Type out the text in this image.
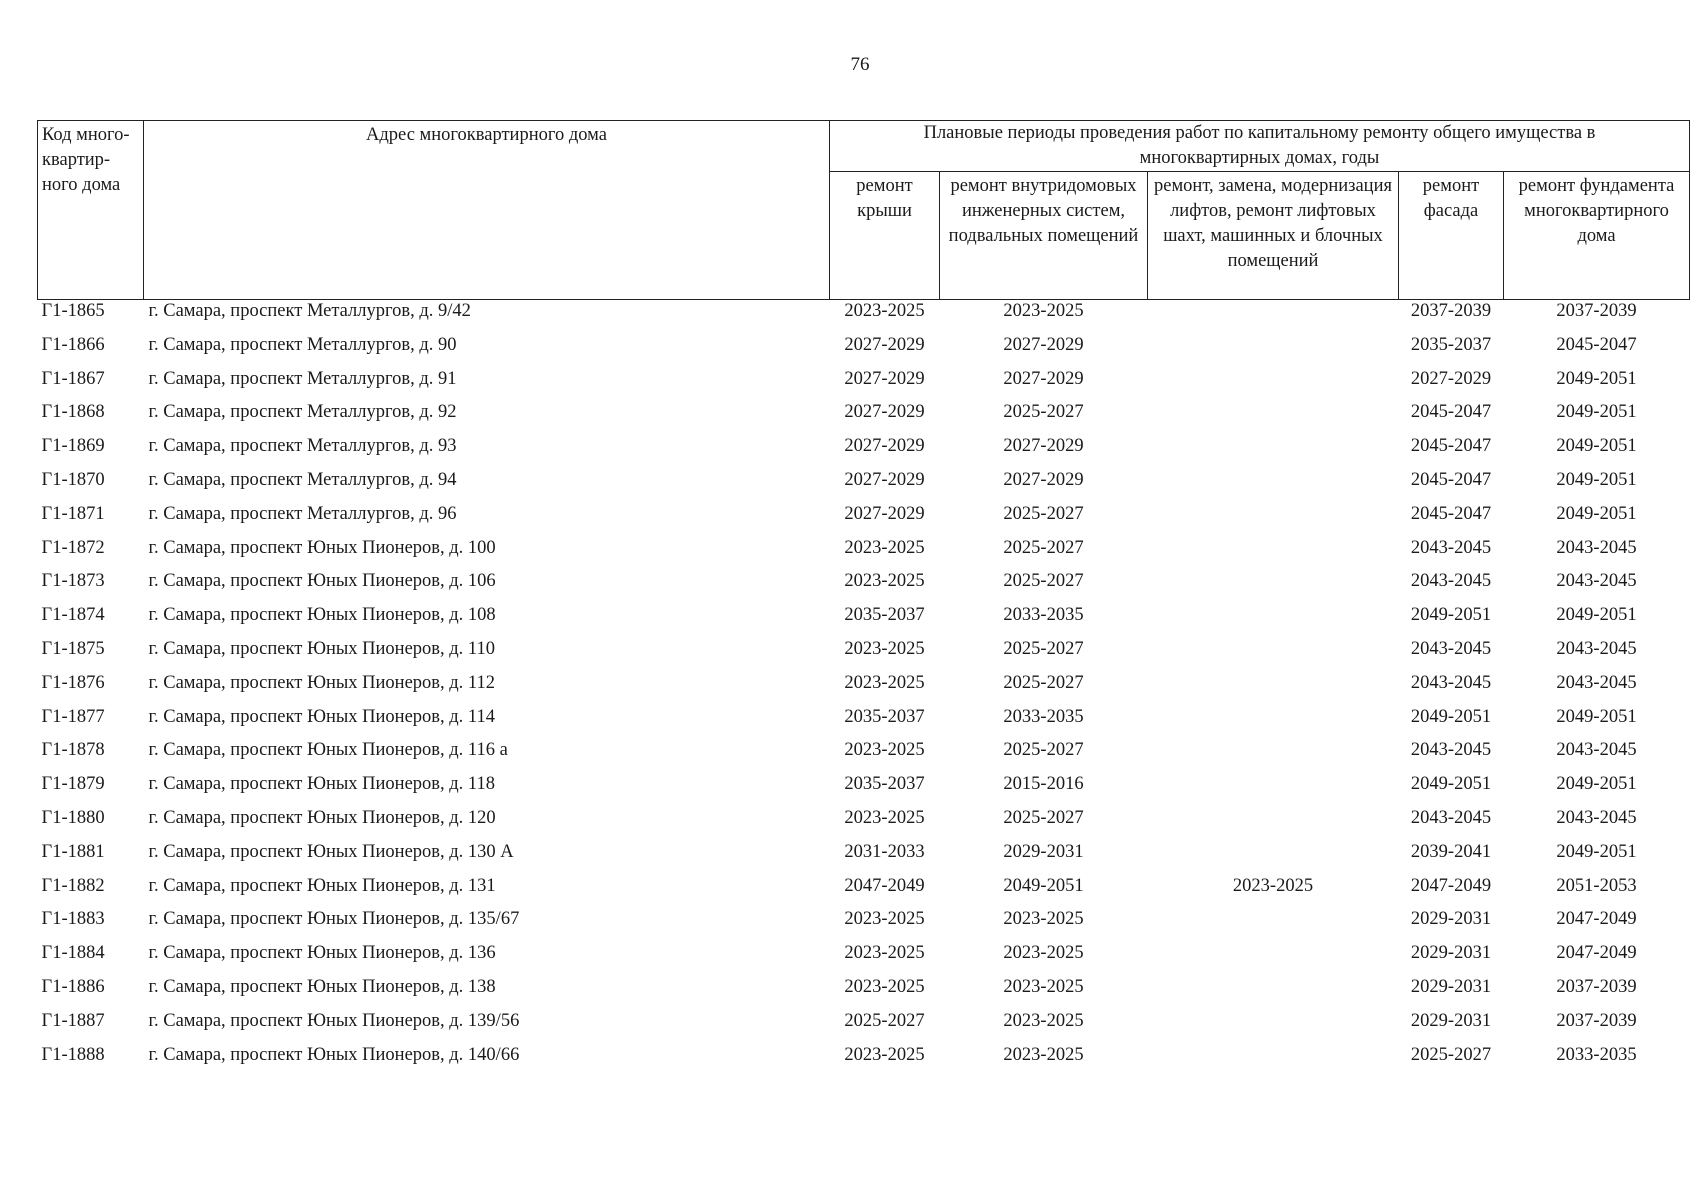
76
Код много-квартир-ного дома	Адрес многоквартирного дома	Плановые периоды проведения работ по капитальному ремонту общего имущества в многоквартирных домах, годы				
		ремонт крыши	ремонт внутридомовых инженерных систем, подвальных помещений	ремонт, замена, модернизация лифтов, ремонт лифтовых шахт, машинных и блочных помещений	ремонт фасада	ремонт фундамента многоквартирного дома
Г1-1865	г. Самара, проспект Металлургов, д. 9/42	2023-2025	2023-2025		2037-2039	2037-2039
Г1-1866	г. Самара, проспект Металлургов, д. 90	2027-2029	2027-2029		2035-2037	2045-2047
Г1-1867	г. Самара, проспект Металлургов, д. 91	2027-2029	2027-2029		2027-2029	2049-2051
Г1-1868	г. Самара, проспект Металлургов, д. 92	2027-2029	2025-2027		2045-2047	2049-2051
Г1-1869	г. Самара, проспект Металлургов, д. 93	2027-2029	2027-2029		2045-2047	2049-2051
Г1-1870	г. Самара, проспект Металлургов, д. 94	2027-2029	2027-2029		2045-2047	2049-2051
Г1-1871	г. Самара, проспект Металлургов, д. 96	2027-2029	2025-2027		2045-2047	2049-2051
Г1-1872	г. Самара, проспект Юных Пионеров, д. 100	2023-2025	2025-2027		2043-2045	2043-2045
Г1-1873	г. Самара, проспект Юных Пионеров, д. 106	2023-2025	2025-2027		2043-2045	2043-2045
Г1-1874	г. Самара, проспект Юных Пионеров, д. 108	2035-2037	2033-2035		2049-2051	2049-2051
Г1-1875	г. Самара, проспект Юных Пионеров, д. 110	2023-2025	2025-2027		2043-2045	2043-2045
Г1-1876	г. Самара, проспект Юных Пионеров, д. 112	2023-2025	2025-2027		2043-2045	2043-2045
Г1-1877	г. Самара, проспект Юных Пионеров, д. 114	2035-2037	2033-2035		2049-2051	2049-2051
Г1-1878	г. Самара, проспект Юных Пионеров, д. 116 а	2023-2025	2025-2027		2043-2045	2043-2045
Г1-1879	г. Самара, проспект Юных Пионеров, д. 118	2035-2037	2015-2016		2049-2051	2049-2051
Г1-1880	г. Самара, проспект Юных Пионеров, д. 120	2023-2025	2025-2027		2043-2045	2043-2045
Г1-1881	г. Самара, проспект Юных Пионеров, д. 130 А	2031-2033	2029-2031		2039-2041	2049-2051
Г1-1882	г. Самара, проспект Юных Пионеров, д. 131	2047-2049	2049-2051	2023-2025	2047-2049	2051-2053
Г1-1883	г. Самара, проспект Юных Пионеров, д. 135/67	2023-2025	2023-2025		2029-2031	2047-2049
Г1-1884	г. Самара, проспект Юных Пионеров, д. 136	2023-2025	2023-2025		2029-2031	2047-2049
Г1-1886	г. Самара, проспект Юных Пионеров, д. 138	2023-2025	2023-2025		2029-2031	2037-2039
Г1-1887	г. Самара, проспект Юных Пионеров, д. 139/56	2025-2027	2023-2025		2029-2031	2037-2039
Г1-1888	г. Самара, проспект Юных Пионеров, д. 140/66	2023-2025	2023-2025		2025-2027	2033-2035
